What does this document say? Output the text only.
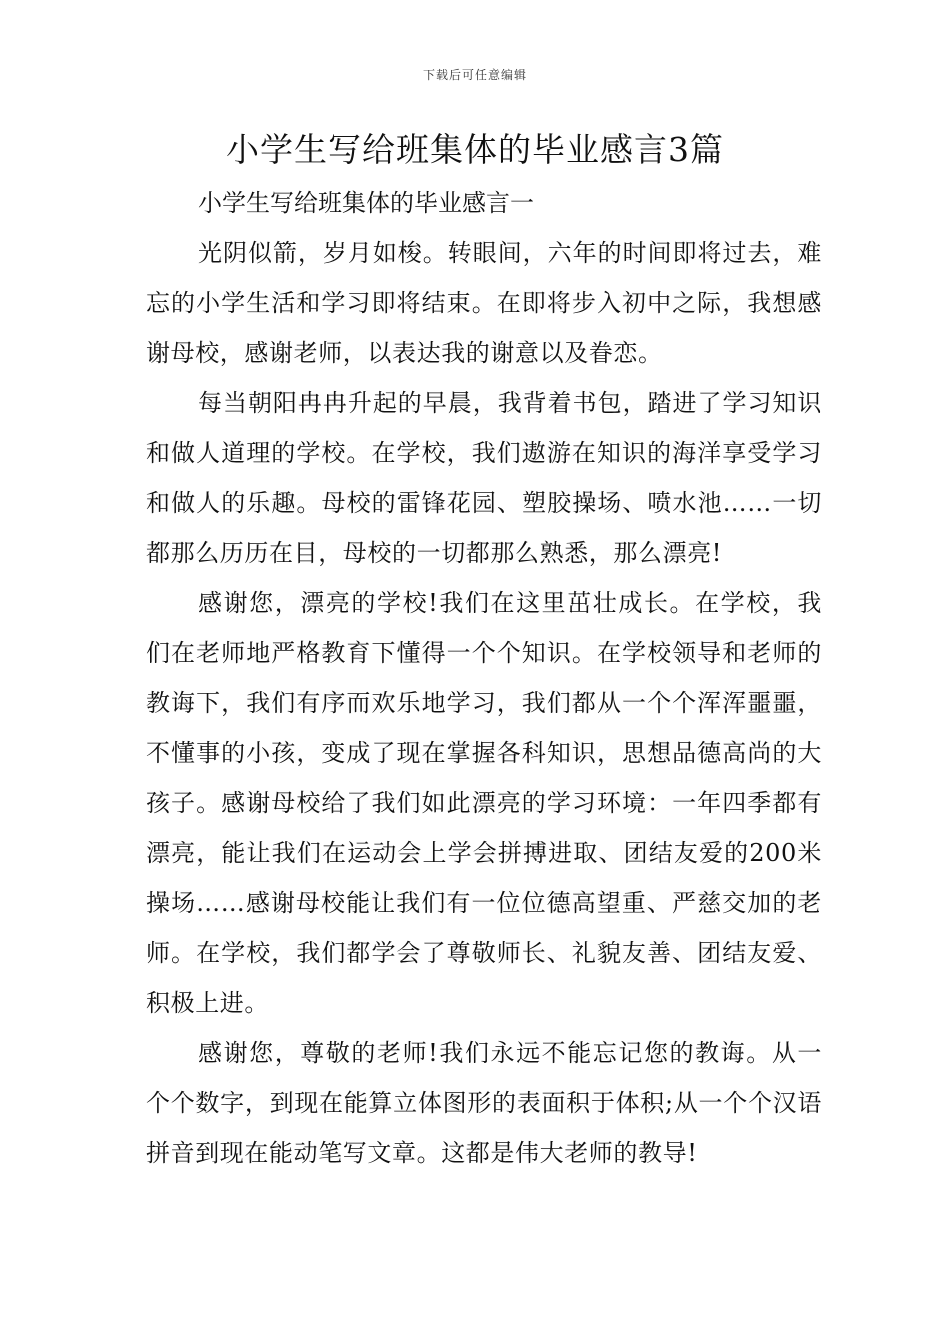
下载后可任意编辑
小学生写给班集体的毕业感言3篇

小学生写给班集体的毕业感言一

光阴似箭，岁月如梭。转眼间，六年的时间即将过去，难忘的小学生活和学习即将结束。在即将步入初中之际，我想感谢母校，感谢老师，以表达我的谢意以及眷恋。

每当朝阳冉冉升起的早晨，我背着书包，踏进了学习知识和做人道理的学校。在学校，我们遨游在知识的海洋享受学习和做人的乐趣。母校的雷锋花园、塑胶操场、喷水池……一切都那么历历在目，母校的一切都那么熟悉，那么漂亮!

感谢您，漂亮的学校!我们在这里茁壮成长。在学校，我们在老师地严格教育下懂得一个个知识。在学校领导和老师的教诲下，我们有序而欢乐地学习，我们都从一个个浑浑噩噩，不懂事的小孩，变成了现在掌握各科知识，思想品德高尚的大孩子。感谢母校给了我们如此漂亮的学习环境：一年四季都有漂亮，能让我们在运动会上学会拼搏进取、团结友爱的200米操场……感谢母校能让我们有一位位德高望重、严慈交加的老师。在学校，我们都学会了尊敬师长、礼貌友善、团结友爱、积极上进。

感谢您，尊敬的老师!我们永远不能忘记您的教诲。从一个个数字，到现在能算立体图形的表面积于体积;从一个个汉语拼音到现在能动笔写文章。这都是伟大老师的教导!
